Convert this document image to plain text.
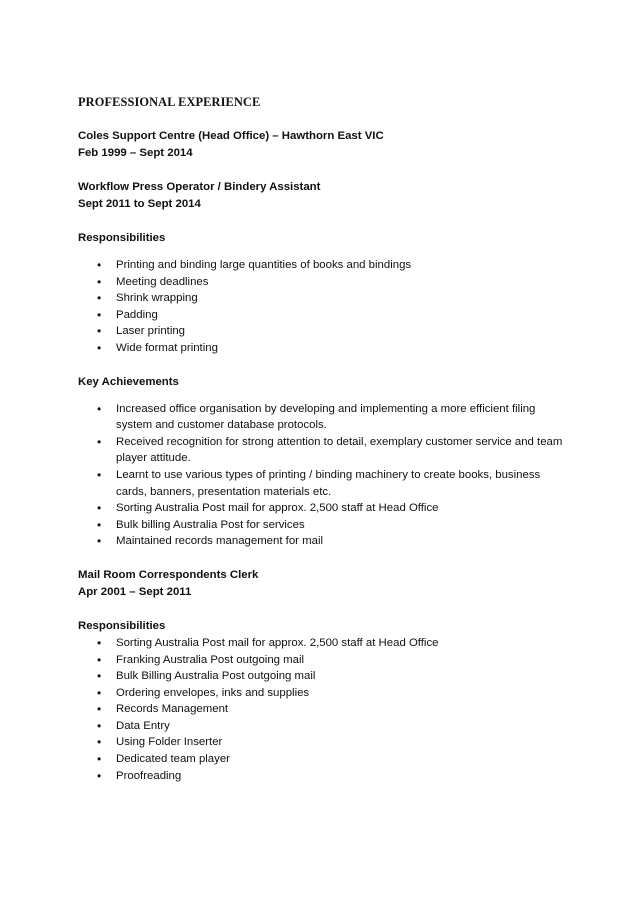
PROFESSIONAL EXPERIENCE
Coles Support Centre (Head Office) – Hawthorn East VIC
Feb 1999 – Sept 2014
Workflow Press Operator / Bindery Assistant
Sept 2011 to Sept 2014
Responsibilities
• Printing and binding large quantities of books and bindings
• Meeting deadlines
• Shrink wrapping
• Padding
• Laser printing
• Wide format printing
Key Achievements
• Increased office organisation by developing and implementing a more efficient filing system and customer database protocols.
• Received recognition for strong attention to detail, exemplary customer service and team player attitude.
• Learnt to use various types of printing / binding machinery to create books, business cards, banners, presentation materials etc.
• Sorting Australia Post mail for approx. 2,500 staff at Head Office
• Bulk billing Australia Post for services
• Maintained records management for mail
Mail Room Correspondents Clerk
Apr 2001 – Sept 2011
Responsibilities
• Sorting Australia Post mail for approx. 2,500 staff at Head Office
• Franking Australia Post outgoing mail
• Bulk Billing Australia Post outgoing mail
• Ordering envelopes, inks and supplies
• Records Management
• Data Entry
• Using Folder Inserter
• Dedicated team player
• Proofreading
